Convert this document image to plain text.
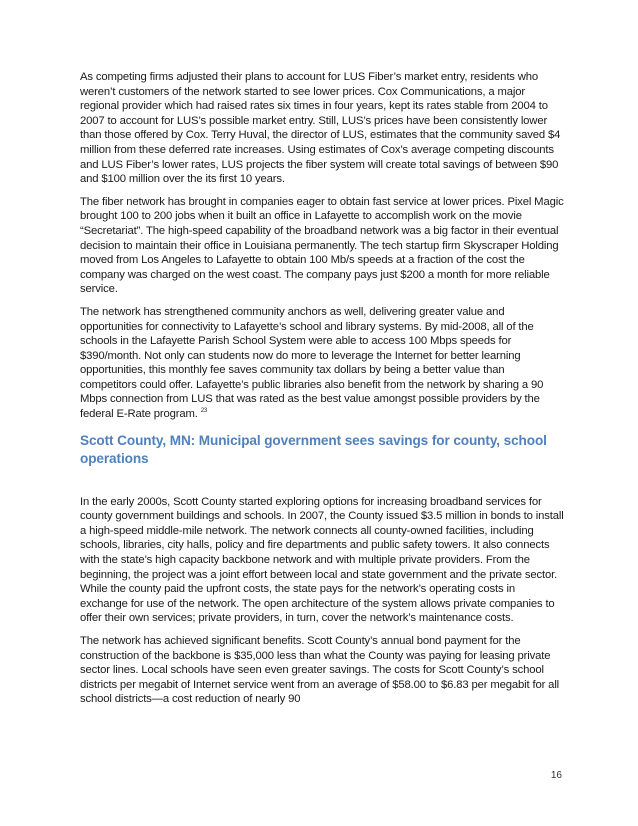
As competing firms adjusted their plans to account for LUS Fiber’s market entry, residents who weren’t customers of the network started to see lower prices. Cox Communications, a major regional provider which had raised rates six times in four years, kept its rates stable from 2004 to 2007 to account for LUS’s possible market entry. Still, LUS’s prices have been consistently lower than those offered by Cox. Terry Huval, the director of LUS, estimates that the community saved $4 million from these deferred rate increases. Using estimates of Cox’s average competing discounts and LUS Fiber’s lower rates, LUS projects the fiber system will create total savings of between $90 and $100 million over the its first 10 years.

The fiber network has brought in companies eager to obtain fast service at lower prices. Pixel Magic brought 100 to 200 jobs when it built an office in Lafayette to accomplish work on the movie “Secretariat”. The high-speed capability of the broadband network was a big factor in their eventual decision to maintain their office in Louisiana permanently. The tech startup firm Skyscraper Holding moved from Los Angeles to Lafayette to obtain 100 Mb/s speeds at a fraction of the cost the company was charged on the west coast. The company pays just $200 a month for more reliable service.

The network has strengthened community anchors as well, delivering greater value and opportunities for connectivity to Lafayette’s school and library systems. By mid-2008, all of the schools in the Lafayette Parish School System were able to access 100 Mbps speeds for $390/month. Not only can students now do more to leverage the Internet for better learning opportunities, this monthly fee saves community tax dollars by being a better value than competitors could offer. Lafayette’s public libraries also benefit from the network by sharing a 90 Mbps connection from LUS that was rated as the best value amongst possible providers by the federal E-Rate program. $^{23}$

Scott County, MN: Municipal government sees savings for county, school operations

In the early 2000s, Scott County started exploring options for increasing broadband services for county government buildings and schools. In 2007, the County issued $3.5 million in bonds to install a high-speed middle-mile network. The network connects all county-owned facilities, including schools, libraries, city halls, policy and fire departments and public safety towers. It also connects with the state’s high capacity backbone network and with multiple private providers. From the beginning, the project was a joint effort between local and state government and the private sector. While the county paid the upfront costs, the state pays for the network’s operating costs in exchange for use of the network. The open architecture of the system allows private companies to offer their own services; private providers, in turn, cover the network’s maintenance costs.

The network has achieved significant benefits. Scott County’s annual bond payment for the construction of the backbone is $35,000 less than what the County was paying for leasing private sector lines. Local schools have seen even greater savings. The costs for Scott County’s school districts per megabit of Internet service went from an average of $58.00 to $6.83 per megabit for all school districts—a cost reduction of nearly 90

16
